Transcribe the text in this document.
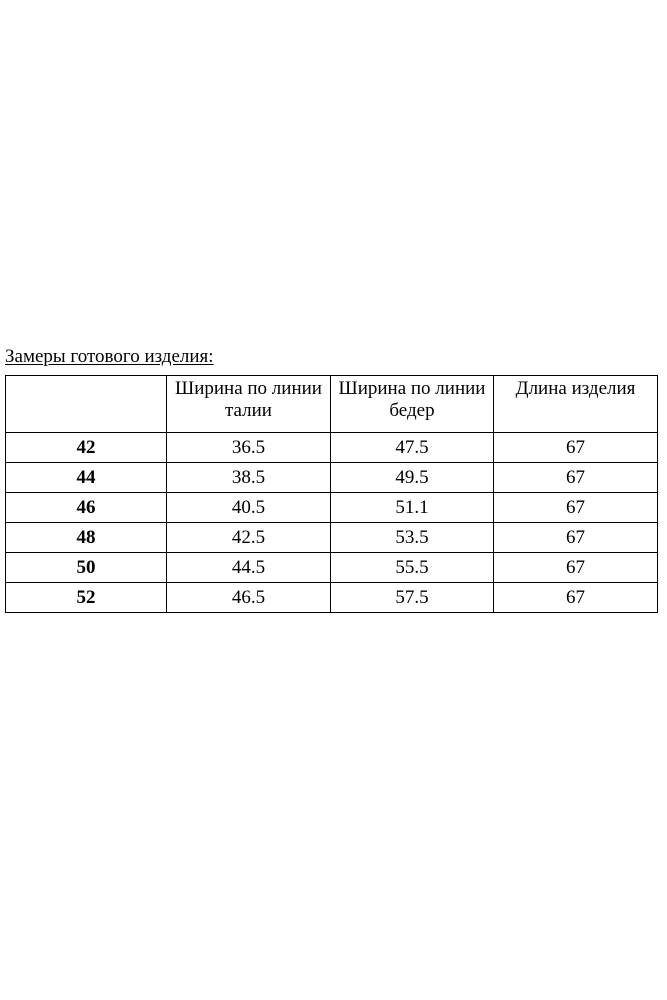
Замеры готового изделия:
	Ширина по линии талии	Ширина по линии бедер	Длина изделия
42	36.5	47.5	67
44	38.5	49.5	67
46	40.5	51.1	67
48	42.5	53.5	67
50	44.5	55.5	67
52	46.5	57.5	67
